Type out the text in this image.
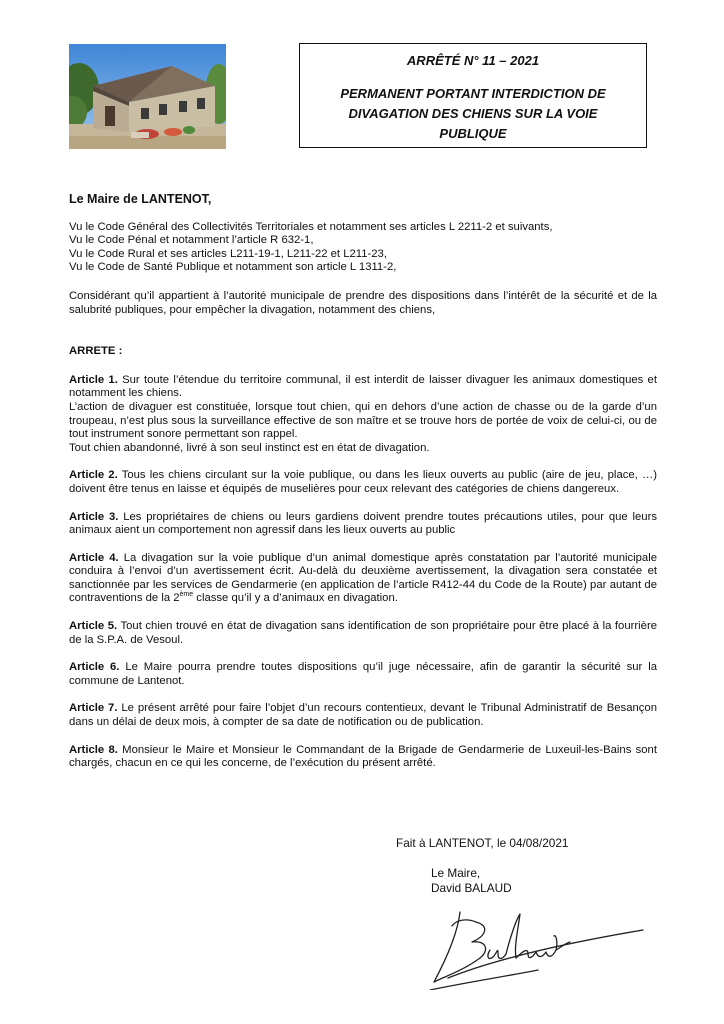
ARRÊTÉ N° 11 – 2021
PERMANENT PORTANT INTERDICTION DE DIVAGATION DES CHIENS SUR LA VOIE PUBLIQUE

Le Maire de LANTENOT,

Vu le Code Général des Collectivités Territoriales et notamment ses articles L 2211-2 et suivants,

Vu le Code Pénal et notamment l’article R 632-1,

Vu le Code Rural et ses articles L211-19-1, L211-22 et L211-23,

Vu le Code de Santé Publique et notamment son article L 1311-2,

Considérant qu’il appartient à l’autorité municipale de prendre des dispositions dans l’intérêt de la sécurité et de la salubrité publiques, pour empêcher la divagation, notamment des chiens,

ARRETE :

Article 1. Sur toute l’étendue du territoire communal, il est interdit de laisser divaguer les animaux domestiques et notamment les chiens.
L’action de divaguer est constituée, lorsque tout chien, qui en dehors d’une action de chasse ou de la garde d’un troupeau, n’est plus sous la surveillance effective de son maître et se trouve hors de portée de voix de celui-ci, ou de tout instrument sonore permettant son rappel.
Tout chien abandonné, livré à son seul instinct est en état de divagation.
Article 2. Tous les chiens circulant sur la voie publique, ou dans les lieux ouverts au public (aire de jeu, place, …) doivent être tenus en laisse et équipés de muselières pour ceux relevant des catégories de chiens dangereux.
Article 3. Les propriétaires de chiens ou leurs gardiens doivent prendre toutes précautions utiles, pour que leurs animaux aient un comportement non agressif dans les lieux ouverts au public
Article 4. La divagation sur la voie publique d’un animal domestique après constatation par l’autorité municipale conduira à l’envoi d’un avertissement écrit. Au-delà du deuxième avertissement, la divagation sera constatée et sanctionnée par les services de Gendarmerie (en application de l’article R412-44 du Code de la Route) par autant de contraventions de la 2ème classe qu’il y a d’animaux en divagation.
Article 5. Tout chien trouvé en état de divagation sans identification de son propriétaire pour être placé à la fourrière de la S.P.A. de Vesoul.
Article 6. Le Maire pourra prendre toutes dispositions qu’il juge nécessaire, afin de garantir la sécurité sur la commune de Lantenot.
Article 7. Le présent arrêté pour faire l’objet d’un recours contentieux, devant le Tribunal Administratif de Besançon dans un délai de deux mois, à compter de sa date de notification ou de publication.
Article 8. Monsieur le Maire et Monsieur le Commandant de la Brigade de Gendarmerie de Luxeuil-les-Bains sont chargés, chacun en ce qui les concerne, de l’exécution du présent arrêté.

Fait à LANTENOT, le 04/08/2021

Le Maire,
David BALAUD
